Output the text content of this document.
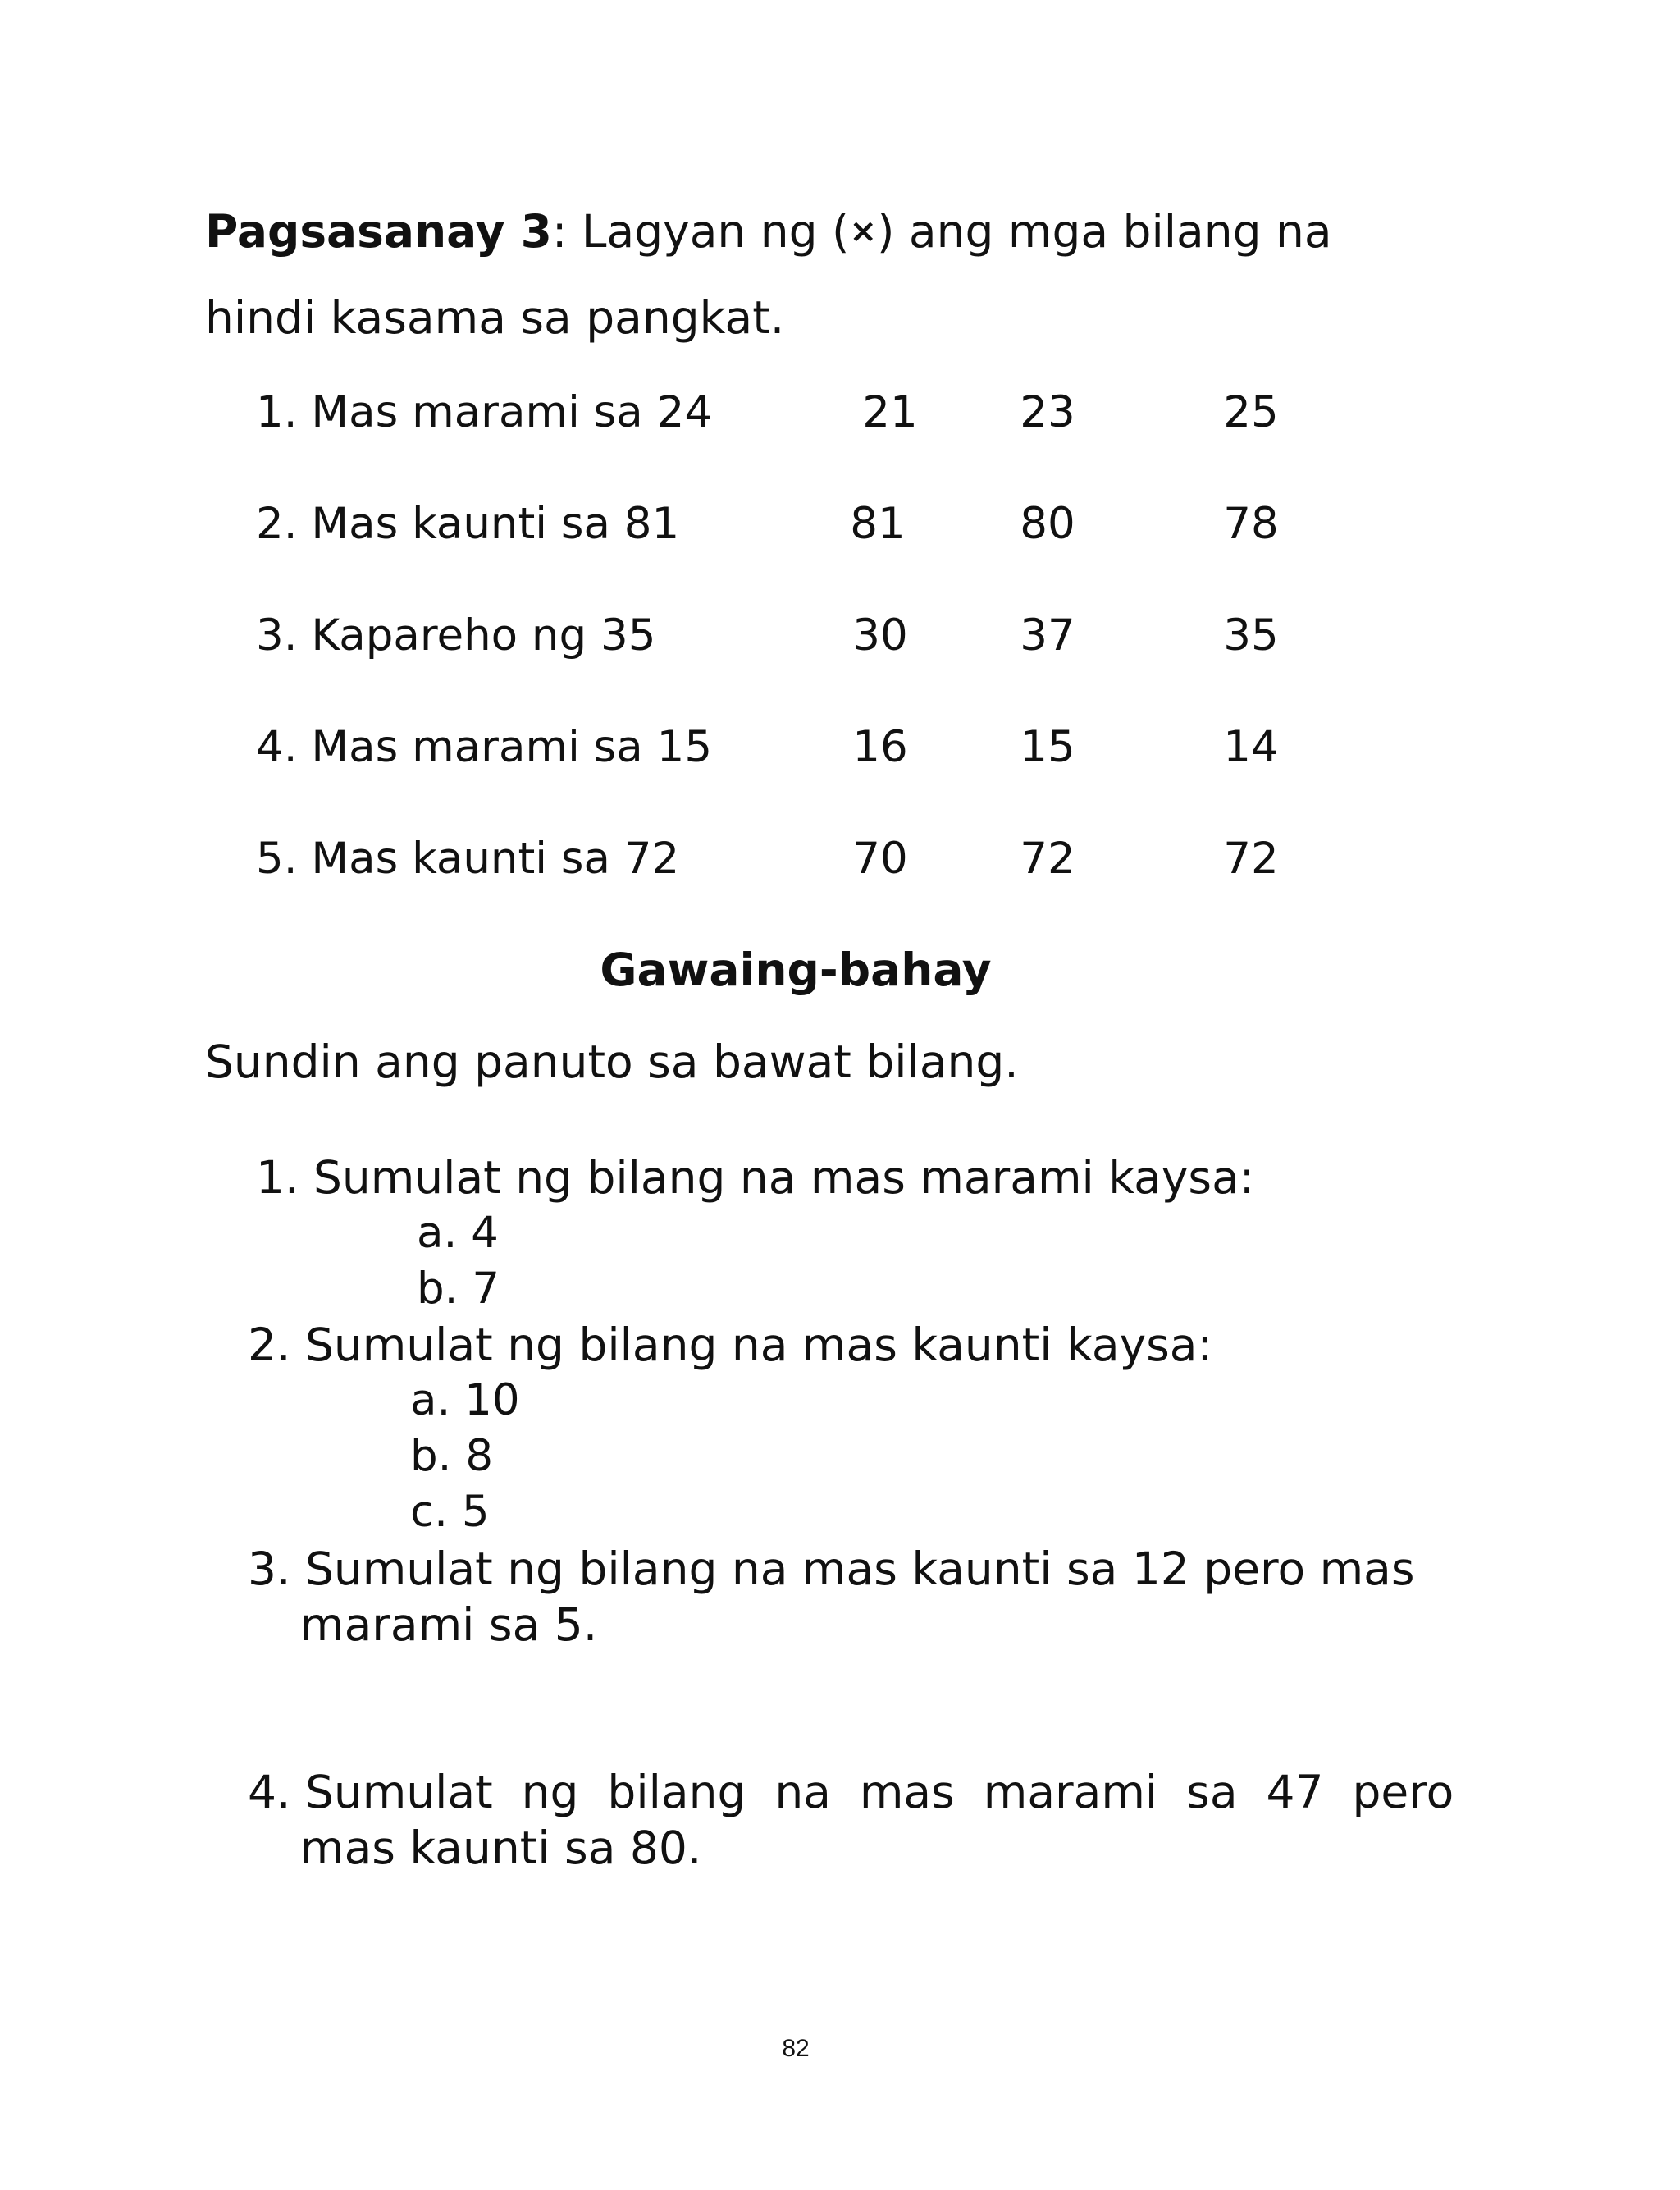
Pagsasanay 3: Lagyan ng (×) ang mga bilang na
hindi kasama sa pangkat.
1. Mas marami sa 24	21	23	25
2. Mas kaunti sa 81	81	80	78
3. Kapareho ng 35	30	37	35
4. Mas marami sa 15	16	15	14
5. Mas kaunti sa 72	70	72	72
Gawaing-bahay
Sundin ang panuto sa bawat bilang.
1. Sumulat ng bilang na mas marami kaysa:
a. 4
b. 7
2. Sumulat ng bilang na mas kaunti kaysa:
a. 10
b. 8
c. 5
3. Sumulat ng bilang na mas kaunti sa 12 pero mas
marami sa 5.
4. Sumulat  ng  bilang  na  mas  marami  sa  47  pero
mas kaunti sa 80.
82
